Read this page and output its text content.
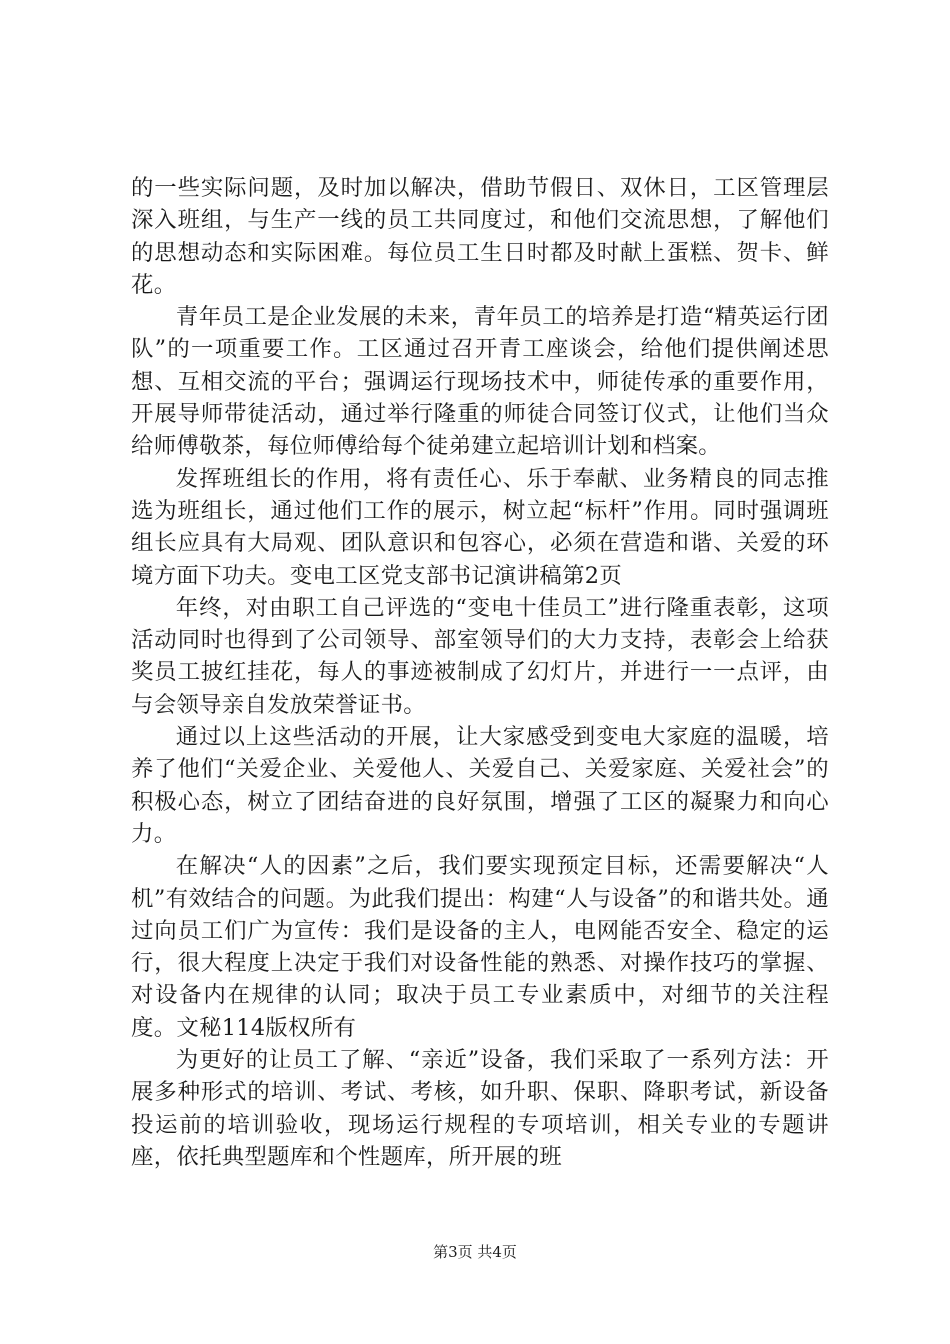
的一些实际问题，及时加以解决，借助节假日、双休日，工区管理层深入班组，与生产一线的员工共同度过，和他们交流思想，了解他们的思想动态和实际困难。每位员工生日时都及时献上蛋糕、贺卡、鲜花。

青年员工是企业发展的未来，青年员工的培养是打造“精英运行团队”的一项重要工作。工区通过召开青工座谈会，给他们提供阐述思想、互相交流的平台；强调运行现场技术中，师徒传承的重要作用，开展导师带徒活动，通过举行隆重的师徒合同签订仪式，让他们当众给师傅敬茶，每位师傅给每个徒弟建立起培训计划和档案。

发挥班组长的作用，将有责任心、乐于奉献、业务精良的同志推选为班组长，通过他们工作的展示，树立起“标杆”作用。同时强调班组长应具有大局观、团队意识和包容心，必须在营造和谐、关爱的环境方面下功夫。变电工区党支部书记演讲稿第2页

年终，对由职工自己评选的“变电十佳员工”进行隆重表彰，这项活动同时也得到了公司领导、部室领导们的大力支持，表彰会上给获奖员工披红挂花，每人的事迹被制成了幻灯片，并进行一一点评，由与会领导亲自发放荣誉证书。

通过以上这些活动的开展，让大家感受到变电大家庭的温暖，培养了他们“关爱企业、关爱他人、关爱自己、关爱家庭、关爱社会”的积极心态，树立了团结奋进的良好氛围，增强了工区的凝聚力和向心力。

在解决“人的因素”之后，我们要实现预定目标，还需要解决“人机”有效结合的问题。为此我们提出：构建“人与设备”的和谐共处。通过向员工们广为宣传：我们是设备的主人，电网能否安全、稳定的运行，很大程度上决定于我们对设备性能的熟悉、对操作技巧的掌握、对设备内在规律的认同；取决于员工专业素质中，对细节的关注程度。文秘114版权所有

为更好的让员工了解、“亲近”设备，我们采取了一系列方法：开展多种形式的培训、考试、考核，如升职、保职、降职考试，新设备投运前的培训验收，现场运行规程的专项培训，相关专业的专题讲座，依托典型题库和个性题库，所开展的班

第3页 共4页
